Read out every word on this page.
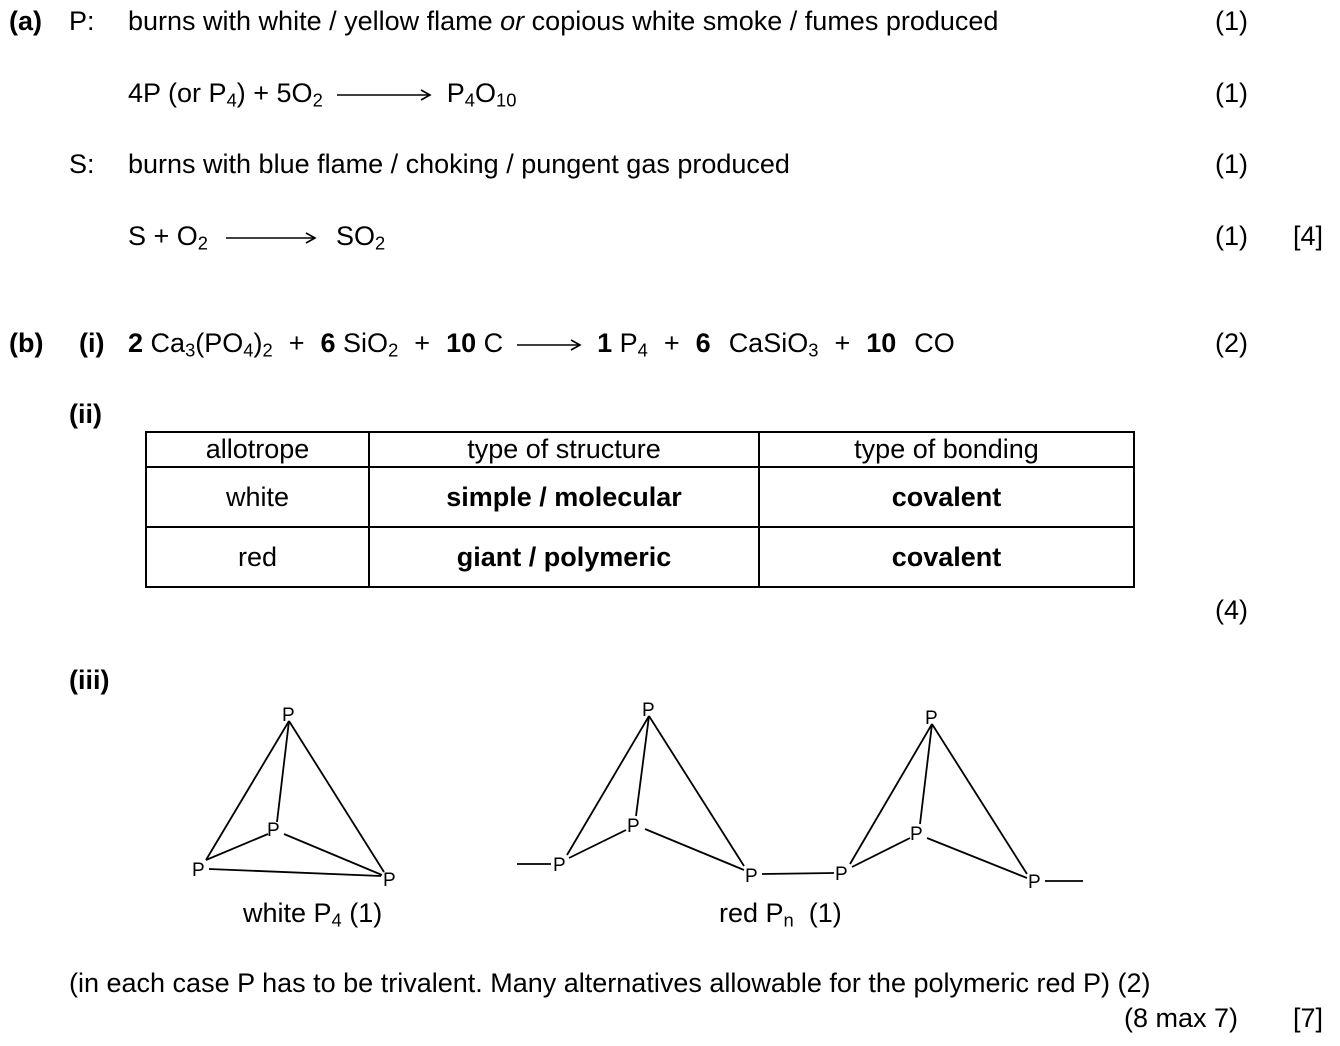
(a) P: burns with white / yellow flame or copious white smoke / fumes produced	(1)
4P (or $P_4) + 5O_2 \to P_4O_{10}$	(1)
S: burns with blue flame / choking / pungent gas produced	(1)
$S + O_2 \to SO_2$	(1) [4]
(b) (i) 2 $Ca_3(PO_4)_2 + 6$ SiO$_2$ + 10 C → 1 $P_4 + 6$ CaSiO$_3$ + 10 CO	(2)
(ii)
allotrope	type of structure	type of bonding
white	simple / molecular	covalent
red	giant / polymeric	covalent
(4)
(iii)
P
P
P	P
P
P
P
P
P
P
P	P
white $P_4$ (1)	red $P_n$  (1)
(in each case P has to be trivalent. Many alternatives allowable for the polymeric red P) (2)
(8 max 7) [7]
